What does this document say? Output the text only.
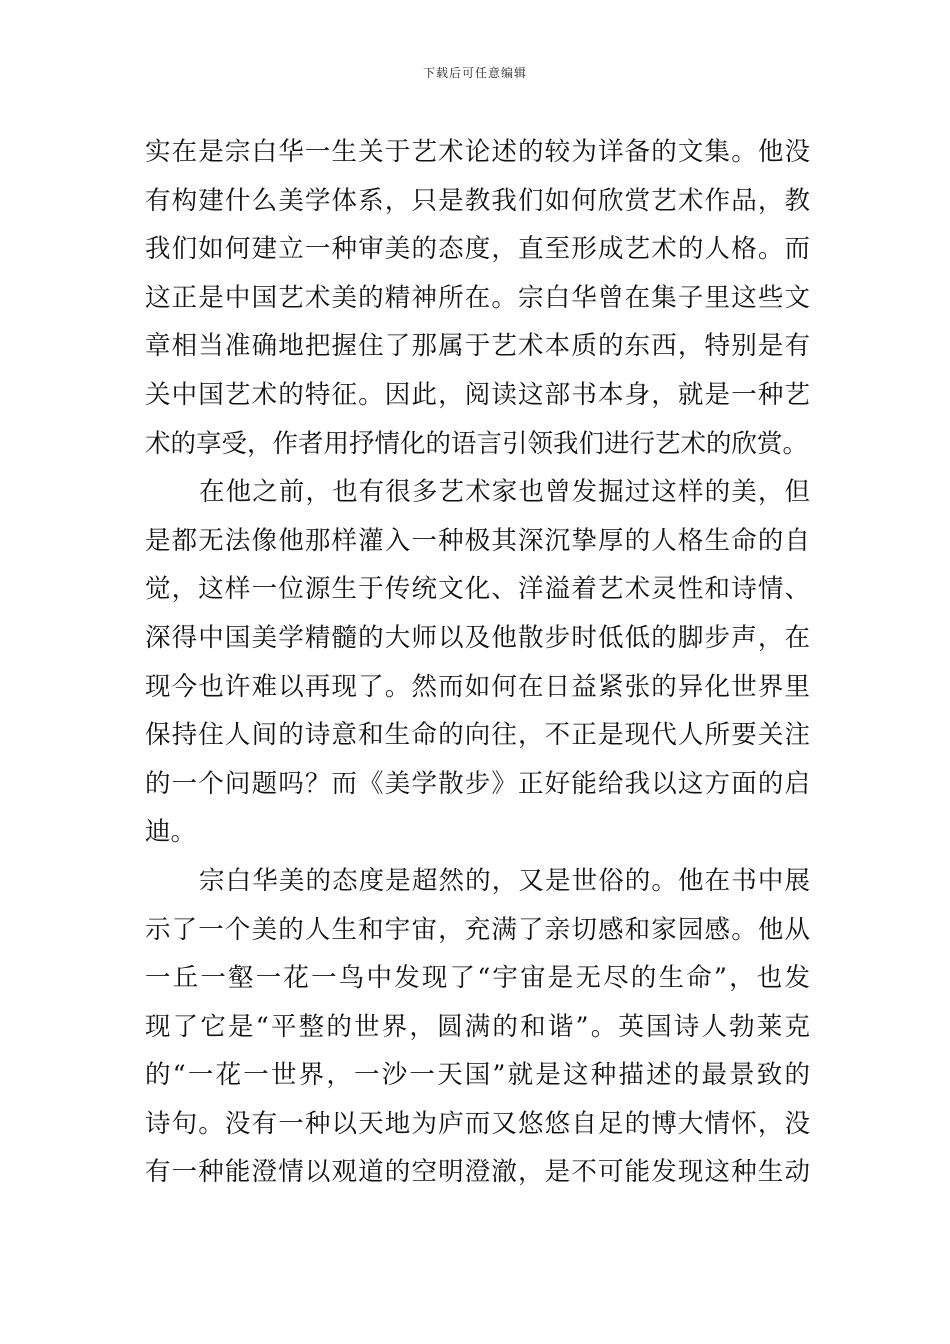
下载后可任意编辑
实在是宗白华一生关于艺术论述的较为详备的文集。他没
有构建什么美学体系，只是教我们如何欣赏艺术作品，教
我们如何建立一种审美的态度，直至形成艺术的人格。而
这正是中国艺术美的精神所在。宗白华曾在集子里这些文
章相当准确地把握住了那属于艺术本质的东西，特别是有
关中国艺术的特征。因此，阅读这部书本身，就是一种艺
术的享受，作者用抒情化的语言引领我们进行艺术的欣赏。
在他之前，也有很多艺术家也曾发掘过这样的美，但
是都无法像他那样灌入一种极其深沉挚厚的人格生命的自
觉，这样一位源生于传统文化、洋溢着艺术灵性和诗情、
深得中国美学精髓的大师以及他散步时低低的脚步声，在
现今也许难以再现了。然而如何在日益紧张的异化世界里
保持住人间的诗意和生命的向往，不正是现代人所要关注
的一个问题吗？而《美学散步》正好能给我以这方面的启
迪。
宗白华美的态度是超然的，又是世俗的。他在书中展
示了一个美的人生和宇宙，充满了亲切感和家园感。他从
一丘一壑一花一鸟中发现了“宇宙是无尽的生命”，也发
现了它是“平整的世界，圆满的和谐”。英国诗人勃莱克
的“一花一世界，一沙一天国”就是这种描述的最景致的
诗句。没有一种以天地为庐而又悠悠自足的博大情怀，没
有一种能澄情以观道的空明澄澈，是不可能发现这种生动
